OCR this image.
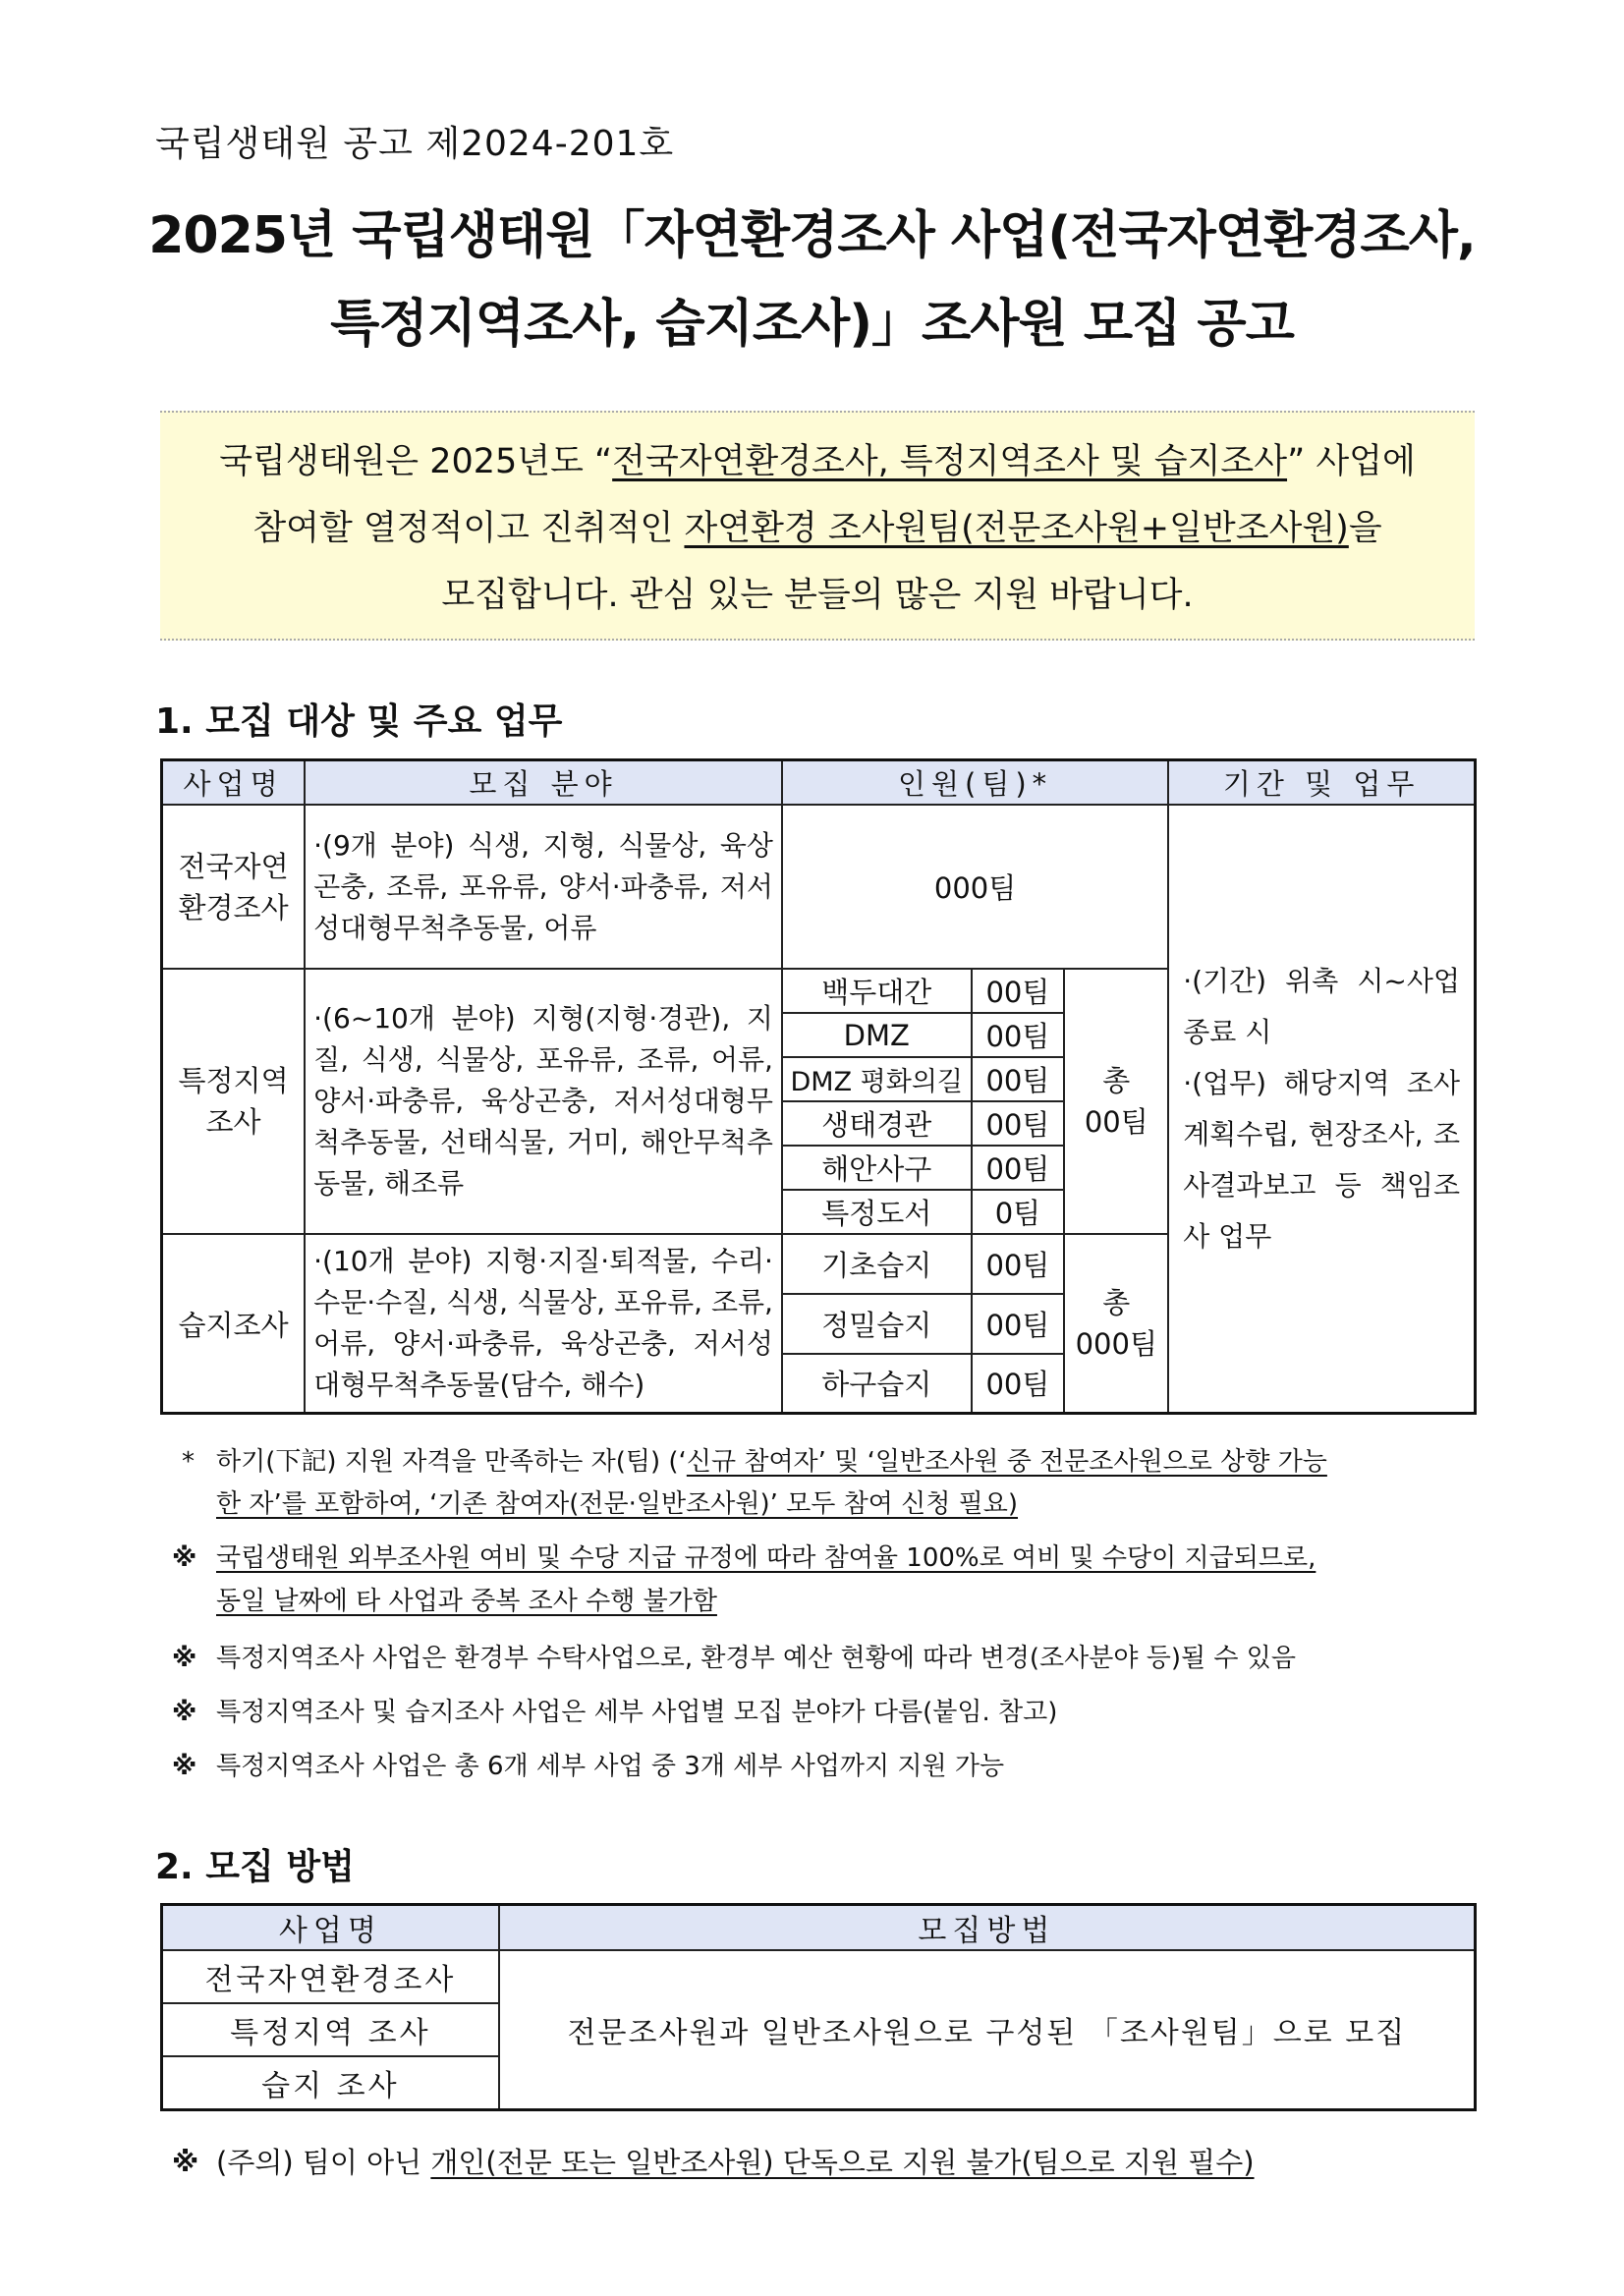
국립생태원 공고 제2024-201호
2025년 국립생태원「자연환경조사 사업(전국자연환경조사,
특정지역조사, 습지조사)」조사원 모집 공고
국립생태원은 2025년도 “전국자연환경조사, 특정지역조사 및 습지조사” 사업에
참여할 열정적이고 진취적인 자연환경 조사원팀(전문조사원+일반조사원)을
모집합니다. 관심 있는 분들의 많은 지원 바랍니다.
1. 모집 대상 및 주요 업무
사업명	모집 분야	인원(팀)*			기간 및 업무
전국자연
환경조사	·(9개 분야) 식생, 지형, 식물상, 육상곤충, 조류, 포유류, 양서·파충류, 저서성대형무척추동물, 어류	000팀			·(기간) 위촉 시~사업 종료 시
·(업무) 해당지역 조사계획수립, 현장조사, 조사결과보고 등 책임조사 업무
특정지역
조사	·(6~10개 분야) 지형(지형·경관), 지질, 식생, 식물상, 포유류, 조류, 어류, 양서·파충류, 육상곤충, 저서성대형무척추동물, 선태식물, 거미, 해안무척추동물, 해조류	백두대간	00팀	총
00팀	
		DMZ	00팀		
		DMZ 평화의길	00팀		
		생태경관	00팀		
		해안사구	00팀		
		특정도서	0팀		
습지조사	·(10개 분야) 지형·지질·퇴적물, 수리·수문·수질, 식생, 식물상, 포유류, 조류, 어류, 양서·파충류, 육상곤충, 저서성대형무척추동물(담수, 해수)	기초습지	00팀	총
000팀	
		정밀습지	00팀		
		하구습지	00팀		
* 하기(下記) 지원 자격을 만족하는 자(팀) (‘신규 참여자’ 및 ‘일반조사원 중 전문조사원으로 상향 가능
한 자’를 포함하여, ‘기존 참여자(전문·일반조사원)’ 모두 참여 신청 필요)
※ 국립생태원 외부조사원 여비 및 수당 지급 규정에 따라 참여율 100%로 여비 및 수당이 지급되므로,
동일 날짜에 타 사업과 중복 조사 수행 불가함
※ 특정지역조사 사업은 환경부 수탁사업으로, 환경부 예산 현황에 따라 변경(조사분야 등)될 수 있음
※ 특정지역조사 및 습지조사 사업은 세부 사업별 모집 분야가 다름(붙임. 참고)
※ 특정지역조사 사업은 총 6개 세부 사업 중 3개 세부 사업까지 지원 가능
2. 모집 방법
사업명	모집방법
전국자연환경조사	전문조사원과 일반조사원으로 구성된 「조사원팀」으로 모집
특정지역 조사	
습지 조사	
※ (주의) 팀이 아닌 개인(전문 또는 일반조사원) 단독으로 지원 불가(팀으로 지원 필수)
